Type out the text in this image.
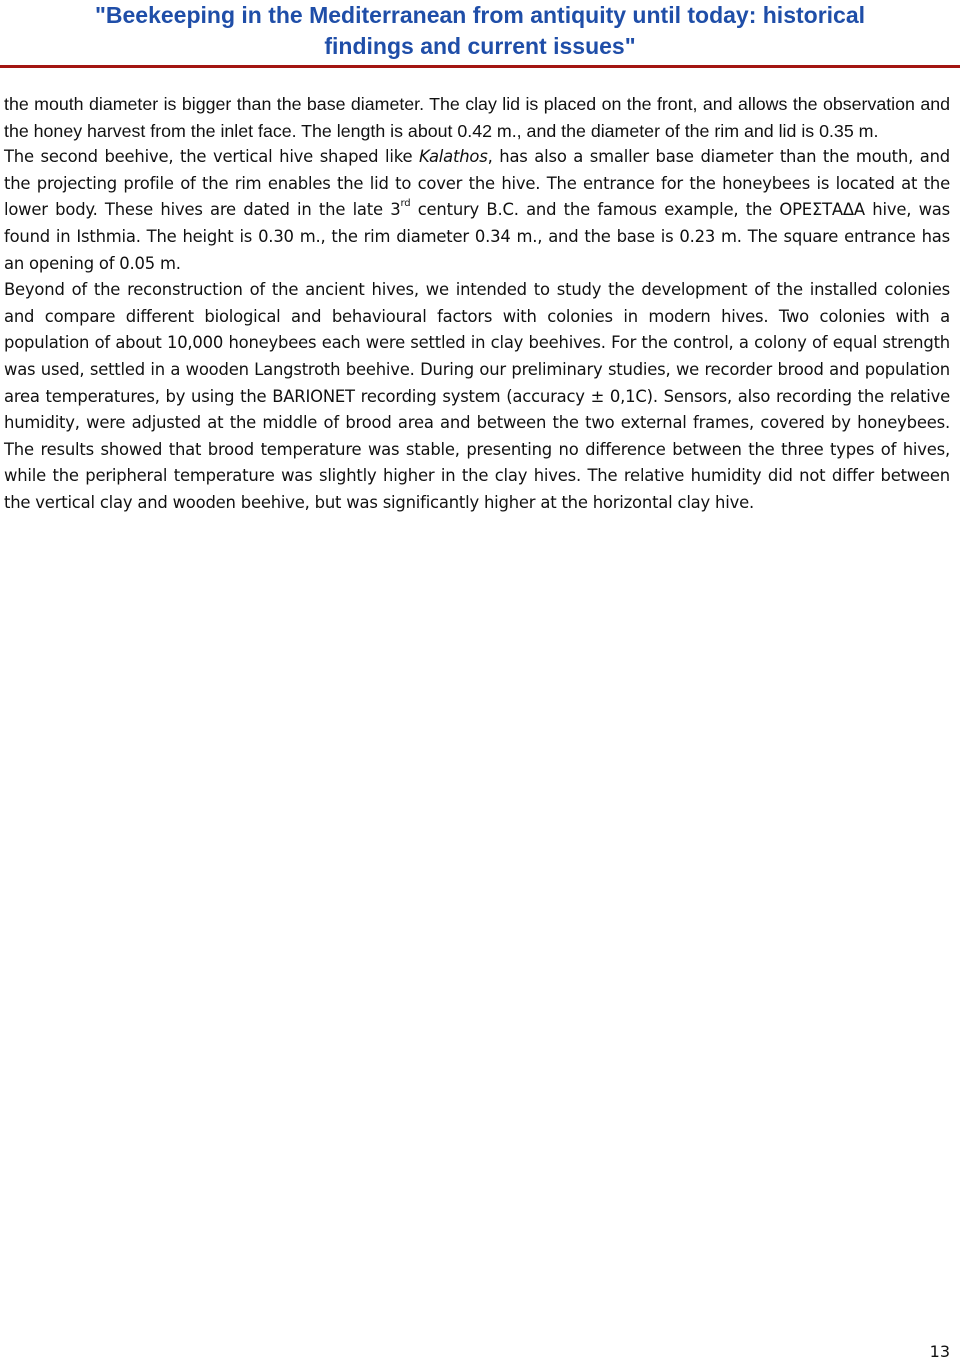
"Beekeeping in the Mediterranean from antiquity until today: historical
findings and current issues"

the mouth diameter is bigger than the base diameter. The clay lid is placed on the front, and allows the observation and the honey harvest from the inlet face. The length is about 0.42 m., and the diameter of the rim and lid is 0.35 m.

The second beehive, the vertical hive shaped like Kalathos, has also a smaller base diameter than the mouth, and the projecting profile of the rim enables the lid to cover the hive. The entrance for the honeybees is located at the lower body. These hives are dated in the late 3rd century B.C. and the famous example, the ΟΡΕΣΤΑΔΑ hive, was found in Isthmia. The height is 0.30 m., the rim diameter 0.34 m., and the base is 0.23 m. The square entrance has an opening of 0.05 m.

Beyond of the reconstruction of the ancient hives, we intended to study the development of the installed colonies and compare different biological and behavioural factors with colonies in modern hives. Two colonies with a population of about 10,000 honeybees each were settled in clay beehives. For the control, a colony of equal strength was used, settled in a wooden Langstroth beehive. During our preliminary studies, we recorder brood and population area temperatures, by using the BARIONET recording system (accuracy ± 0,1C). Sensors, also recording the relative humidity, were adjusted at the middle of brood area and between the two external frames, covered by honeybees. The results showed that brood temperature was stable, presenting no difference between the three types of hives, while the peripheral temperature was slightly higher in the clay hives. The relative humidity did not differ between the vertical clay and wooden beehive, but was significantly higher at the horizontal clay hive.

13
